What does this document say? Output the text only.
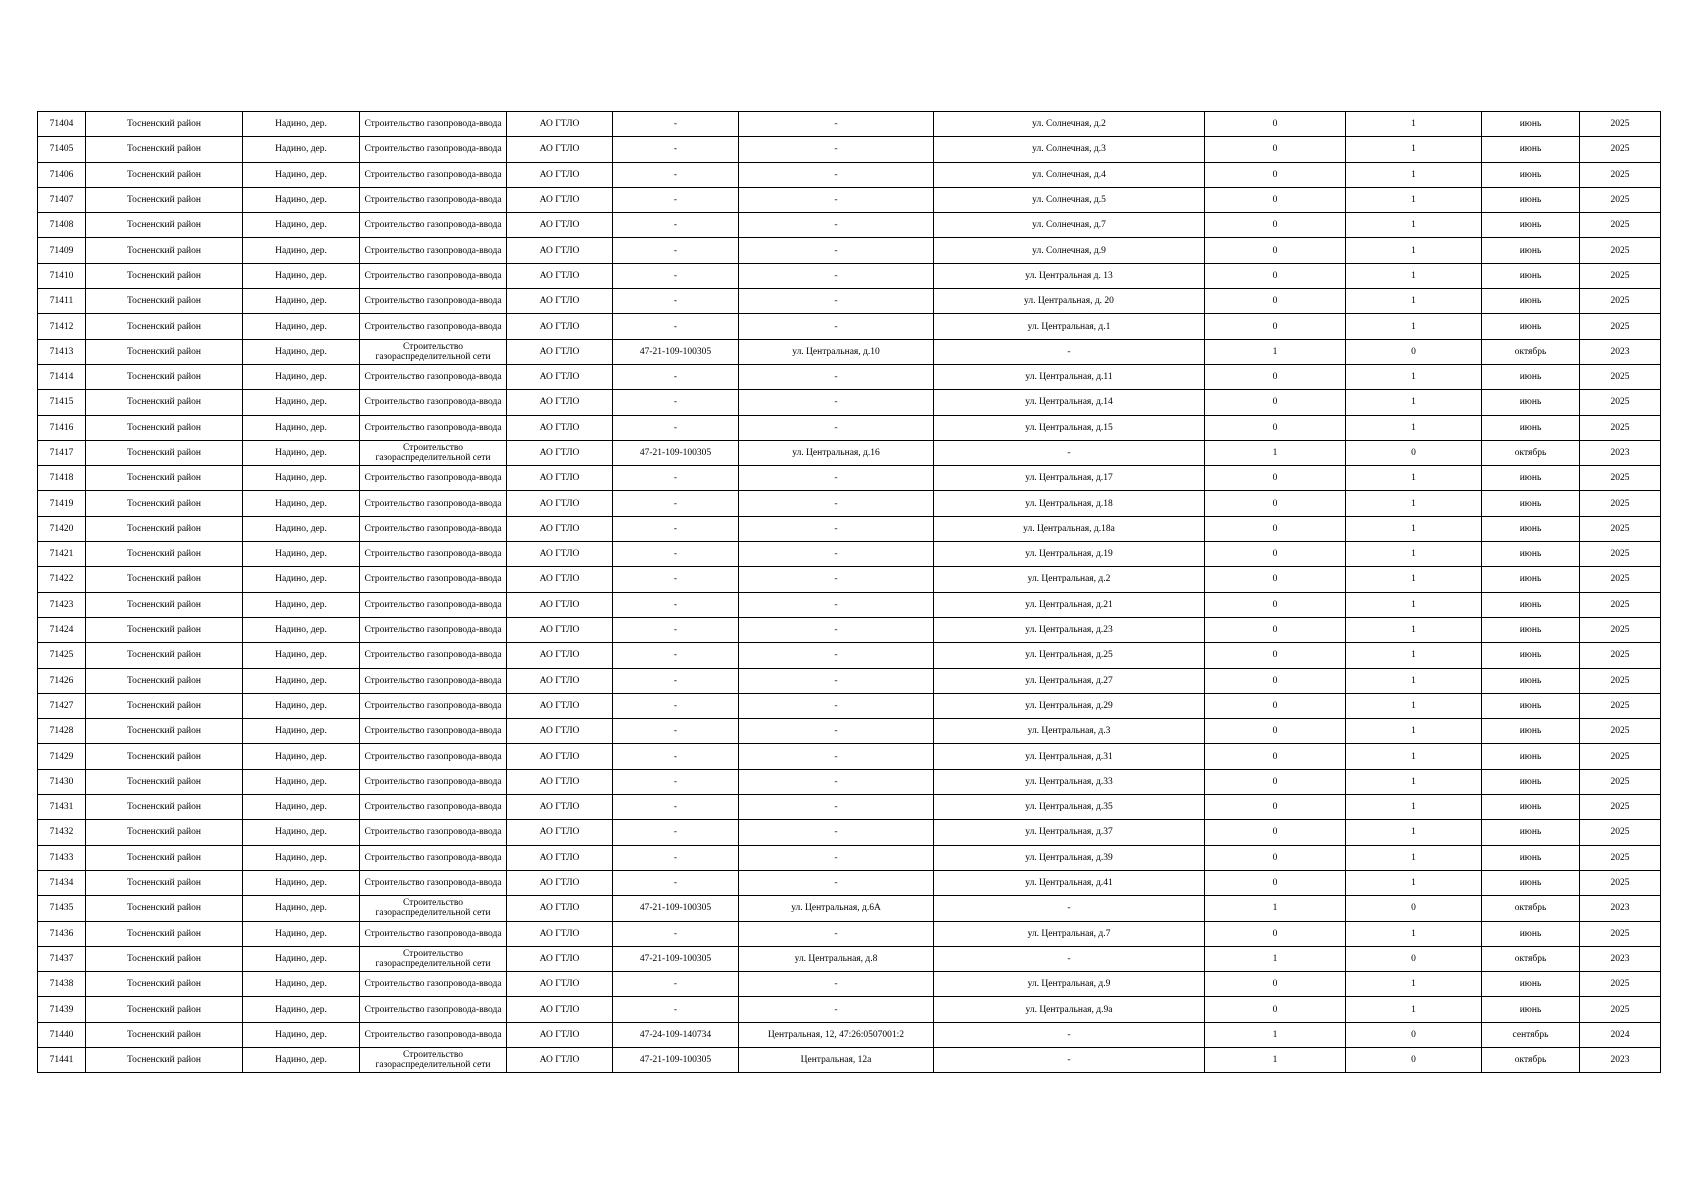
71404	Тосненский район	Надино, дер.	Строительство газопровода-ввода	АО ГТЛО	-	-	ул. Солнечная, д.2	0	1	июнь	2025
71405	Тосненский район	Надино, дер.	Строительство газопровода-ввода	АО ГТЛО	-	-	ул. Солнечная, д.3	0	1	июнь	2025
71406	Тосненский район	Надино, дер.	Строительство газопровода-ввода	АО ГТЛО	-	-	ул. Солнечная, д.4	0	1	июнь	2025
71407	Тосненский район	Надино, дер.	Строительство газопровода-ввода	АО ГТЛО	-	-	ул. Солнечная, д.5	0	1	июнь	2025
71408	Тосненский район	Надино, дер.	Строительство газопровода-ввода	АО ГТЛО	-	-	ул. Солнечная, д.7	0	1	июнь	2025
71409	Тосненский район	Надино, дер.	Строительство газопровода-ввода	АО ГТЛО	-	-	ул. Солнечная, д.9	0	1	июнь	2025
71410	Тосненский район	Надино, дер.	Строительство газопровода-ввода	АО ГТЛО	-	-	ул. Центральная д. 13	0	1	июнь	2025
71411	Тосненский район	Надино, дер.	Строительство газопровода-ввода	АО ГТЛО	-	-	ул. Центральная, д. 20	0	1	июнь	2025
71412	Тосненский район	Надино, дер.	Строительство газопровода-ввода	АО ГТЛО	-	-	ул. Центральная, д.1	0	1	июнь	2025
71413	Тосненский район	Надино, дер.	Строительство газораспределительной сети	АО ГТЛО	47-21-109-100305	ул. Центральная, д.10	-	1	0	октябрь	2023
71414	Тосненский район	Надино, дер.	Строительство газопровода-ввода	АО ГТЛО	-	-	ул. Центральная, д.11	0	1	июнь	2025
71415	Тосненский район	Надино, дер.	Строительство газопровода-ввода	АО ГТЛО	-	-	ул. Центральная, д.14	0	1	июнь	2025
71416	Тосненский район	Надино, дер.	Строительство газопровода-ввода	АО ГТЛО	-	-	ул. Центральная, д.15	0	1	июнь	2025
71417	Тосненский район	Надино, дер.	Строительство газораспределительной сети	АО ГТЛО	47-21-109-100305	ул. Центральная, д.16	-	1	0	октябрь	2023
71418	Тосненский район	Надино, дер.	Строительство газопровода-ввода	АО ГТЛО	-	-	ул. Центральная, д.17	0	1	июнь	2025
71419	Тосненский район	Надино, дер.	Строительство газопровода-ввода	АО ГТЛО	-	-	ул. Центральная, д.18	0	1	июнь	2025
71420	Тосненский район	Надино, дер.	Строительство газопровода-ввода	АО ГТЛО	-	-	ул. Центральная, д.18а	0	1	июнь	2025
71421	Тосненский район	Надино, дер.	Строительство газопровода-ввода	АО ГТЛО	-	-	ул. Центральная, д.19	0	1	июнь	2025
71422	Тосненский район	Надино, дер.	Строительство газопровода-ввода	АО ГТЛО	-	-	ул. Центральная, д.2	0	1	июнь	2025
71423	Тосненский район	Надино, дер.	Строительство газопровода-ввода	АО ГТЛО	-	-	ул. Центральная, д.21	0	1	июнь	2025
71424	Тосненский район	Надино, дер.	Строительство газопровода-ввода	АО ГТЛО	-	-	ул. Центральная, д.23	0	1	июнь	2025
71425	Тосненский район	Надино, дер.	Строительство газопровода-ввода	АО ГТЛО	-	-	ул. Центральная, д.25	0	1	июнь	2025
71426	Тосненский район	Надино, дер.	Строительство газопровода-ввода	АО ГТЛО	-	-	ул. Центральная, д.27	0	1	июнь	2025
71427	Тосненский район	Надино, дер.	Строительство газопровода-ввода	АО ГТЛО	-	-	ул. Центральная, д.29	0	1	июнь	2025
71428	Тосненский район	Надино, дер.	Строительство газопровода-ввода	АО ГТЛО	-	-	ул. Центральная, д.3	0	1	июнь	2025
71429	Тосненский район	Надино, дер.	Строительство газопровода-ввода	АО ГТЛО	-	-	ул. Центральная, д.31	0	1	июнь	2025
71430	Тосненский район	Надино, дер.	Строительство газопровода-ввода	АО ГТЛО	-	-	ул. Центральная, д.33	0	1	июнь	2025
71431	Тосненский район	Надино, дер.	Строительство газопровода-ввода	АО ГТЛО	-	-	ул. Центральная, д.35	0	1	июнь	2025
71432	Тосненский район	Надино, дер.	Строительство газопровода-ввода	АО ГТЛО	-	-	ул. Центральная, д.37	0	1	июнь	2025
71433	Тосненский район	Надино, дер.	Строительство газопровода-ввода	АО ГТЛО	-	-	ул. Центральная, д.39	0	1	июнь	2025
71434	Тосненский район	Надино, дер.	Строительство газопровода-ввода	АО ГТЛО	-	-	ул. Центральная, д.41	0	1	июнь	2025
71435	Тосненский район	Надино, дер.	Строительство газораспределительной сети	АО ГТЛО	47-21-109-100305	ул. Центральная, д.6А	-	1	0	октябрь	2023
71436	Тосненский район	Надино, дер.	Строительство газопровода-ввода	АО ГТЛО	-	-	ул. Центральная, д.7	0	1	июнь	2025
71437	Тосненский район	Надино, дер.	Строительство газораспределительной сети	АО ГТЛО	47-21-109-100305	ул. Центральная, д.8	-	1	0	октябрь	2023
71438	Тосненский район	Надино, дер.	Строительство газопровода-ввода	АО ГТЛО	-	-	ул. Центральная, д.9	0	1	июнь	2025
71439	Тосненский район	Надино, дер.	Строительство газопровода-ввода	АО ГТЛО	-	-	ул. Центральная, д.9а	0	1	июнь	2025
71440	Тосненский район	Надино, дер.	Строительство газопровода-ввода	АО ГТЛО	47-24-109-140734	Центральная, 12, 47:26:0507001:2	-	1	0	сентябрь	2024
71441	Тосненский район	Надино, дер.	Строительство газораспределительной сети	АО ГТЛО	47-21-109-100305	Центральная, 12а	-	1	0	октябрь	2023
